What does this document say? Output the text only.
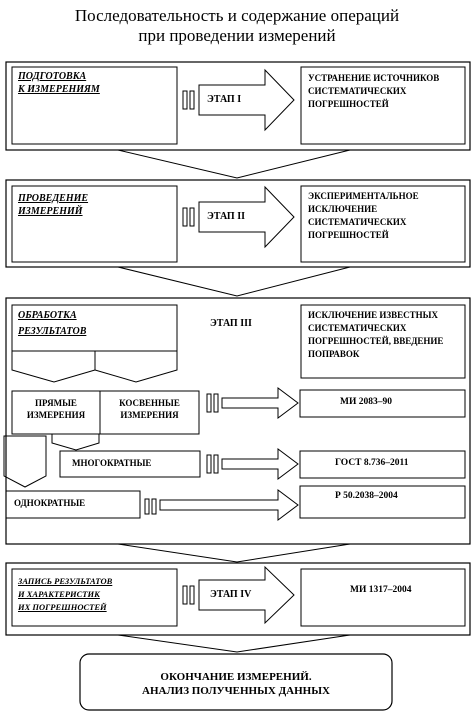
Последовательность и содержание операций
при проведении измерений
ПОДГОТОВКА
К ИЗМЕРЕНИЯМ
ЭТАП I
УСТРАНЕНИЕ ИСТОЧНИКОВ
СИСТЕМАТИЧЕСКИХ
ПОГРЕШНОСТЕЙ
ПРОВЕДЕНИЕ
ИЗМЕРЕНИЙ	ЭТАП II
ЭКСПЕРИМЕНТАЛЬНОЕ
ИСКЛЮЧЕНИЕ
СИСТЕМАТИЧЕСКИХ
ПОГРЕШНОСТЕЙ
ОБРАБОТКА
РЕЗУЛЬТАТОВ
ЭТАП III
ИСКЛЮЧЕНИЕ ИЗВЕСТНЫХ
СИСТЕМАТИЧЕСКИХ
ПОГРЕШНОСТЕЙ, ВВЕДЕНИЕ
ПОПРАВОК
ПРЯМЫЕ
ИЗМЕРЕНИЯ
КОСВЕННЫЕ
ИЗМЕРЕНИЯ
МИ 2083–90
МНОГОКРАТНЫЕ	ГОСТ 8.736–2011
ОДНОКРАТНЫЕ
Р 50.2038–2004
ЗАПИСЬ РЕЗУЛЬТАТОВ
И ХАРАКТЕРИСТИК
ИХ ПОГРЕШНОСТЕЙ
ЭТАП IV	МИ 1317–2004
ОКОНЧАНИЕ ИЗМЕРЕНИЙ.
АНАЛИЗ ПОЛУЧЕННЫХ ДАННЫХ
